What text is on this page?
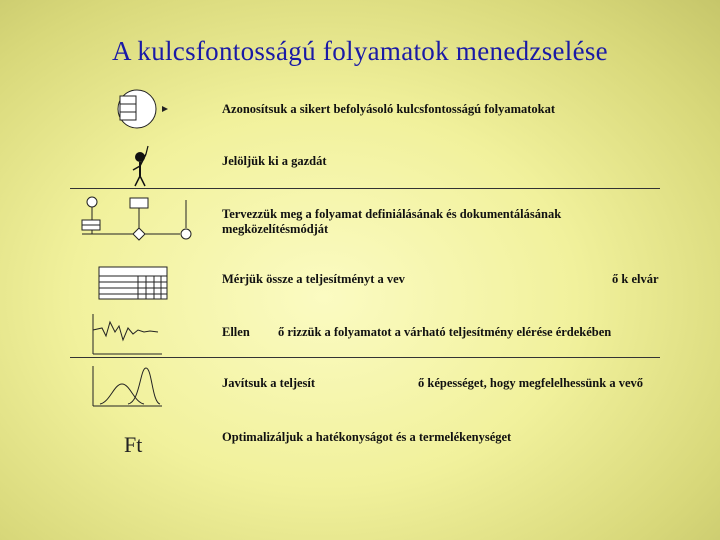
A kulcsfontosságú folyamatok menedzselése
Azonosítsuk a sikert befolyásoló kulcsfontosságú folyamatokat
Jelöljük ki a gazdát
Tervezzük meg a folyamat definiálásának és dokumentálásának
megközelítésmódját
Mérjük össze a teljesítményt a vev	ő k elvár
Ellen ő rizzük a folyamatot a várható teljesítmény elérése érdekében
Javítsuk a teljesít	ő képességet, hogy megfelelhessünk a vevő
Ft	Optimalizáljuk a hatékonyságot és a termelékenységet
